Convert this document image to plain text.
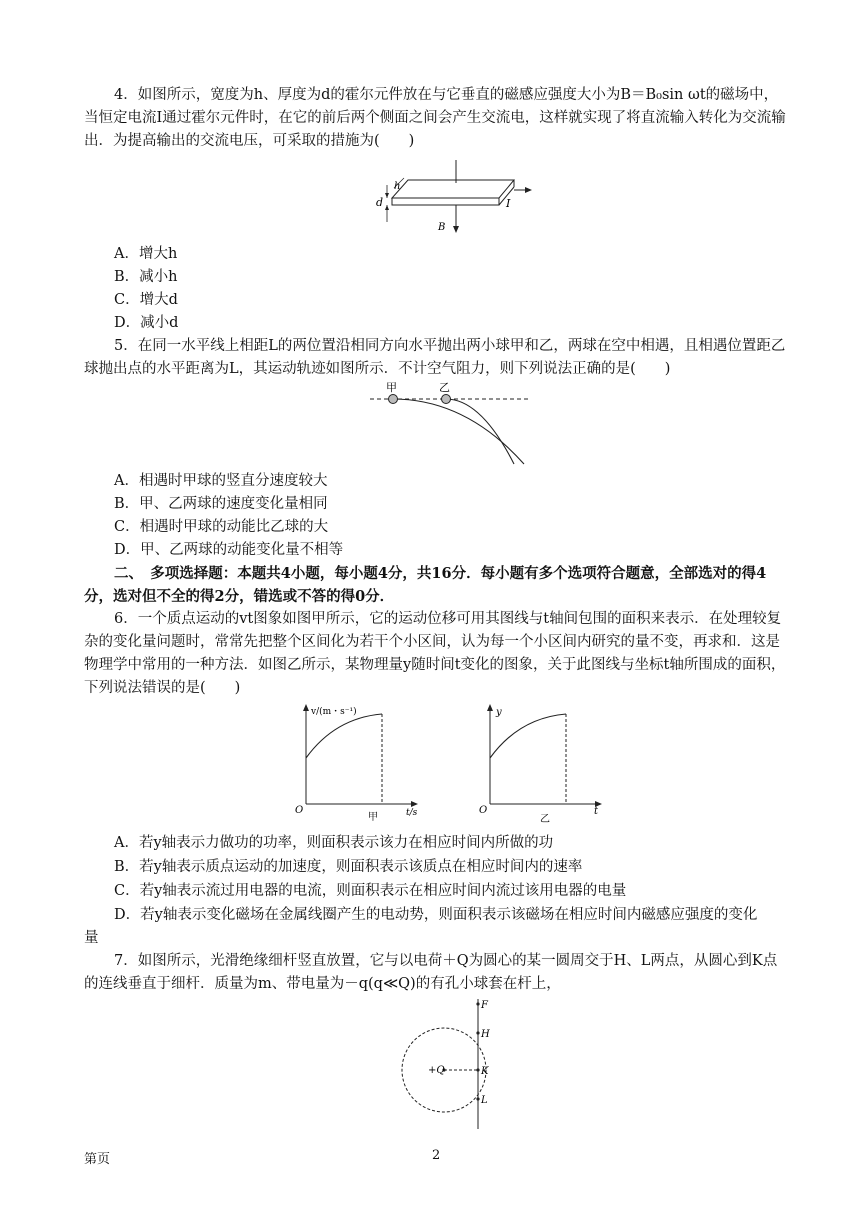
4．如图所示，宽度为h、厚度为d的霍尔元件放在与它垂直的磁感应强度大小为B＝B₀sin ωt的磁场中，当恒定电流I通过霍尔元件时，在它的前后两个侧面之间会产生交流电，这样就实现了将直流输入转化为交流输出．为提高输出的交流电压，可采取的措施为(　　)
h
d	I
B
A．增大h
B．减小h
C．增大d
D．减小d
5．在同一水平线上相距L的两位置沿相同方向水平抛出两小球甲和乙，两球在空中相遇，且相遇位置距乙球抛出点的水平距离为L，其运动轨迹如图所示．不计空气阻力，则下列说法正确的是(　　)
甲	乙
A．相遇时甲球的竖直分速度较大
B．甲、乙两球的速度变化量相同
C．相遇时甲球的动能比乙球的大
D．甲、乙两球的动能变化量不相等
二、　多项选择题：本题共4小题，每小题4分，共16分．每小题有多个选项符合题意，全部选对的得4分，选对但不全的得2分，错选或不答的得0分．
6．一个质点运动的vt图象如图甲所示，它的运动位移可用其图线与t轴间包围的面积来表示．在处理较复杂的变化量问题时，常常先把整个区间化为若干个小区间，认为每一个小区间内研究的量不变，再求和．这是物理学中常用的一种方法．如图乙所示，某物理量y随时间t变化的图象，关于此图线与坐标t轴所围成的面积，下列说法错误的是(　　)
v/(m・s⁻¹)
t/s
O
甲
y
t
O
乙
A．若y轴表示力做功的功率，则面积表示该力在相应时间内所做的功
B．若y轴表示质点运动的加速度，则面积表示该质点在相应时间内的速率
C．若y轴表示流过用电器的电流，则面积表示在相应时间内流过该用电器的电量
D．若y轴表示变化磁场在金属线圈产生的电动势，则面积表示该磁场在相应时间内磁感应强度的变化
量
7．如图所示，光滑绝缘细杆竖直放置，它与以电荷＋Q为圆心的某一圆周交于H、L两点，从圆心到K点的连线垂直于细杆．质量为m、带电量为－q(q≪Q)的有孔小球套在杆上，
F
H
K
L
+Q
第页	2
